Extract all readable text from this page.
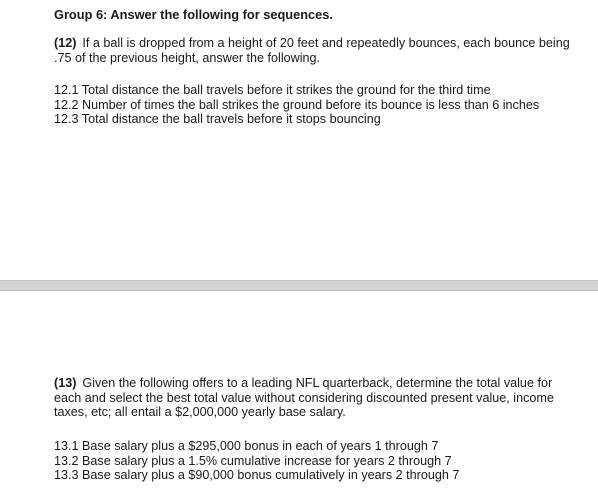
Group 6: Answer the following for sequences.

(12) If a ball is dropped from a height of 20 feet and repeatedly bounces, each bounce being .75 of the previous height, answer the following.

12.1 Total distance the ball travels before it strikes the ground for the third time
12.2 Number of times the ball strikes the ground before its bounce is less than 6 inches
12.3 Total distance the ball travels before it stops bouncing

(13) Given the following offers to a leading NFL quarterback, determine the total value for each and select the best total value without considering discounted present value, income taxes, etc; all entail a $2,000,000 yearly base salary.

13.1 Base salary plus a $295,000 bonus in each of years 1 through 7
13.2 Base salary plus a 1.5% cumulative increase for years 2 through 7
13.3 Base salary plus a $90,000 bonus cumulatively in years 2 through 7
